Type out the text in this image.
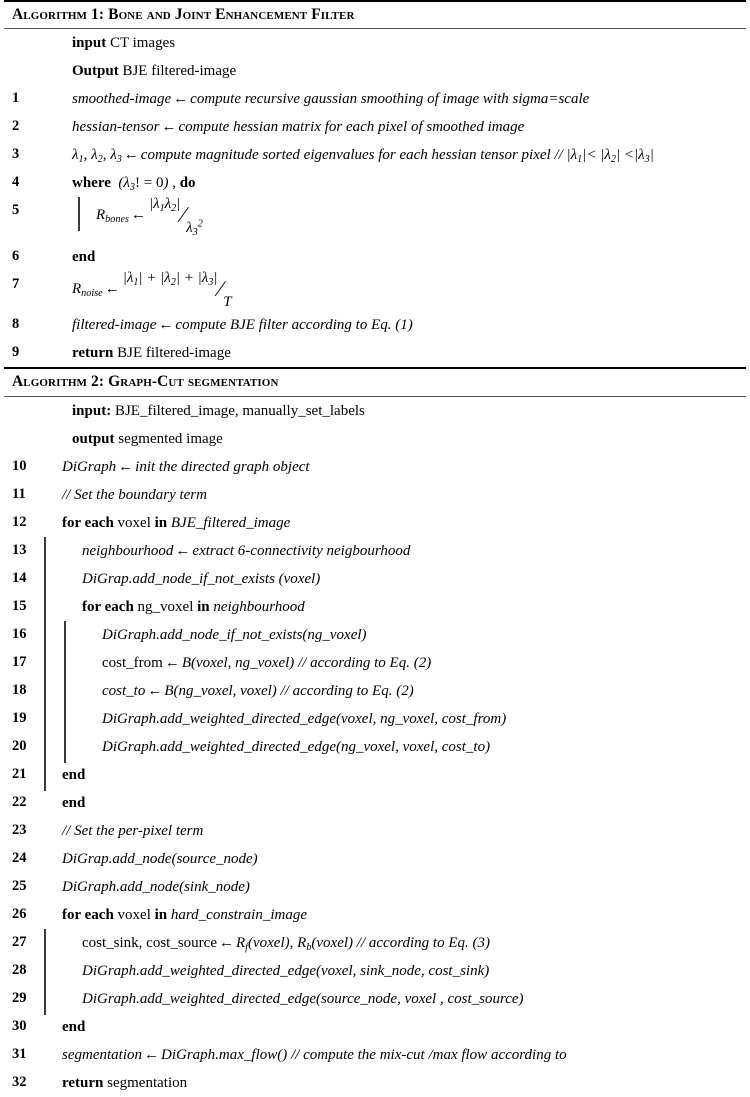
Algorithm 1: Bone and Joint Enhancement Filter
input CT images
Output BJE filtered-image
1	smoothed-image ← compute recursive gaussian smoothing of image with sigma=scale
2	hessian-tensor ← compute hessian matrix for each pixel of smoothed image
3	$\lambda_1$, $\lambda_2$, $\lambda_3$ ← compute magnitude sorted eigenvalues for each hessian tensor pixel // $|\lambda_1|< |\lambda_2| <|\lambda_3|$
4	where ($\lambda_3$! = 0) , do
5	$R_{bones}$ $\leftarrow|\lambda_1\lambda_2|∕\lambda_3^2$
6	end
7	$R_{noise}$ $\leftarrow|\lambda_1| + |\lambda_2|$ + $|\lambda_3|∕T$
8	filtered-image ← compute BJE filter according to Eq. (1)
9	return BJE filtered-image
Algorithm 2: Graph-Cut segmentation
input: BJE_filtered_image, manually_set_labels
output segmented image
10	DiGraph ← init the directed graph object
11	// Set the boundary term
12	for each voxel in BJE_filtered_image
13	neighbourhood ← extract 6-connectivity neigbourhood
14	DiGrap.add_node_if_not_exists (voxel)
15	for each ng_voxel in neighbourhood
16	DiGraph.add_node_if_not_exists(ng_voxel)
17	cost_from ← B(voxel, ng_voxel) // according to Eq. (2)
18	cost_to ← B(ng_voxel, voxel) // according to Eq. (2)
19	DiGraph.add_weighted_directed_edge(voxel, ng_voxel, cost_from)
20	DiGraph.add_weighted_directed_edge(ng_voxel, voxel, cost_to)
21	end
22	end
23	// Set the per-pixel term
24	DiGrap.add_node(source_node)
25	DiGraph.add_node(sink_node)
26	for each voxel in hard_constrain_image
27	cost_sink, cost_source ← $R_f(voxel)$, $R_b(voxel)$ // according to Eq. (3)
28	DiGraph.add_weighted_directed_edge(voxel, sink_node, cost_sink)
29	DiGraph.add_weighted_directed_edge(source_node, voxel , cost_source)
30	end
31	segmentation ← DiGraph.max_flow() // compute the mix-cut /max flow according to
32	return segmentation
